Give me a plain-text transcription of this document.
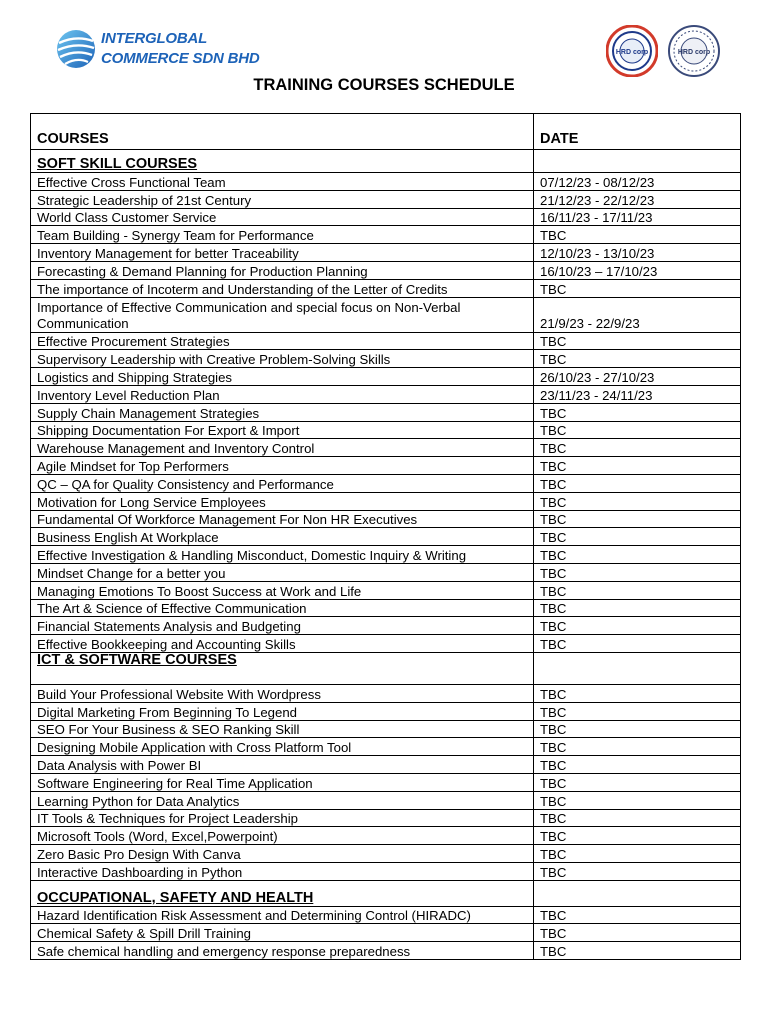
INTERGLOBAL
COMMERCE SDN BHD	HRD corp	HRD corp
TRAINING COURSES SCHEDULE
COURSES	DATE
SOFT SKILL COURSES	
Effective Cross Functional Team	07/12/23 - 08/12/23
Strategic Leadership of 21st Century	21/12/23 - 22/12/23
World Class Customer Service	16/11/23 - 17/11/23
Team Building - Synergy Team for Performance	TBC
Inventory Management for better Traceability	12/10/23 - 13/10/23
Forecasting & Demand Planning for Production Planning	16/10/23 – 17/10/23
The importance of Incoterm and Understanding of the Letter of Credits	TBC
Importance of Effective Communication and special focus on Non-Verbal Communication	21/9/23 - 22/9/23
Effective Procurement Strategies	TBC
Supervisory Leadership with Creative Problem-Solving Skills	TBC
Logistics and Shipping Strategies	26/10/23 - 27/10/23
Inventory Level Reduction Plan	23/11/23 - 24/11/23
Supply Chain Management Strategies	TBC
Shipping Documentation For Export & Import	TBC
Warehouse Management and Inventory Control	TBC
Agile Mindset for Top Performers	TBC
QC – QA for Quality Consistency and Performance	TBC
Motivation for Long Service Employees	TBC
Fundamental Of Workforce Management For Non HR Executives	TBC
Business English At Workplace	TBC
Effective Investigation & Handling Misconduct, Domestic Inquiry & Writing	TBC
Mindset Change for a better you	TBC
Managing Emotions To Boost Success at Work and Life	TBC
The Art & Science of Effective Communication	TBC
Financial Statements Analysis and Budgeting	TBC
Effective Bookkeeping and Accounting Skills	TBC
ICT & SOFTWARE COURSES	
Build Your Professional Website With Wordpress	TBC
Digital Marketing From Beginning To Legend	TBC
SEO For Your Business & SEO Ranking Skill	TBC
Designing Mobile Application with Cross Platform Tool	TBC
Data Analysis with Power BI	TBC
Software Engineering for Real Time Application	TBC
Learning Python for Data Analytics	TBC
IT Tools & Techniques for Project Leadership	TBC
Microsoft Tools (Word, Excel,Powerpoint)	TBC
Zero Basic Pro Design With Canva	TBC
Interactive Dashboarding in Python	TBC
OCCUPATIONAL, SAFETY AND HEALTH	
Hazard Identification Risk Assessment and Determining Control (HIRADC)	TBC
Chemical Safety & Spill Drill Training	TBC
Safe chemical handling and emergency response preparedness	TBC
